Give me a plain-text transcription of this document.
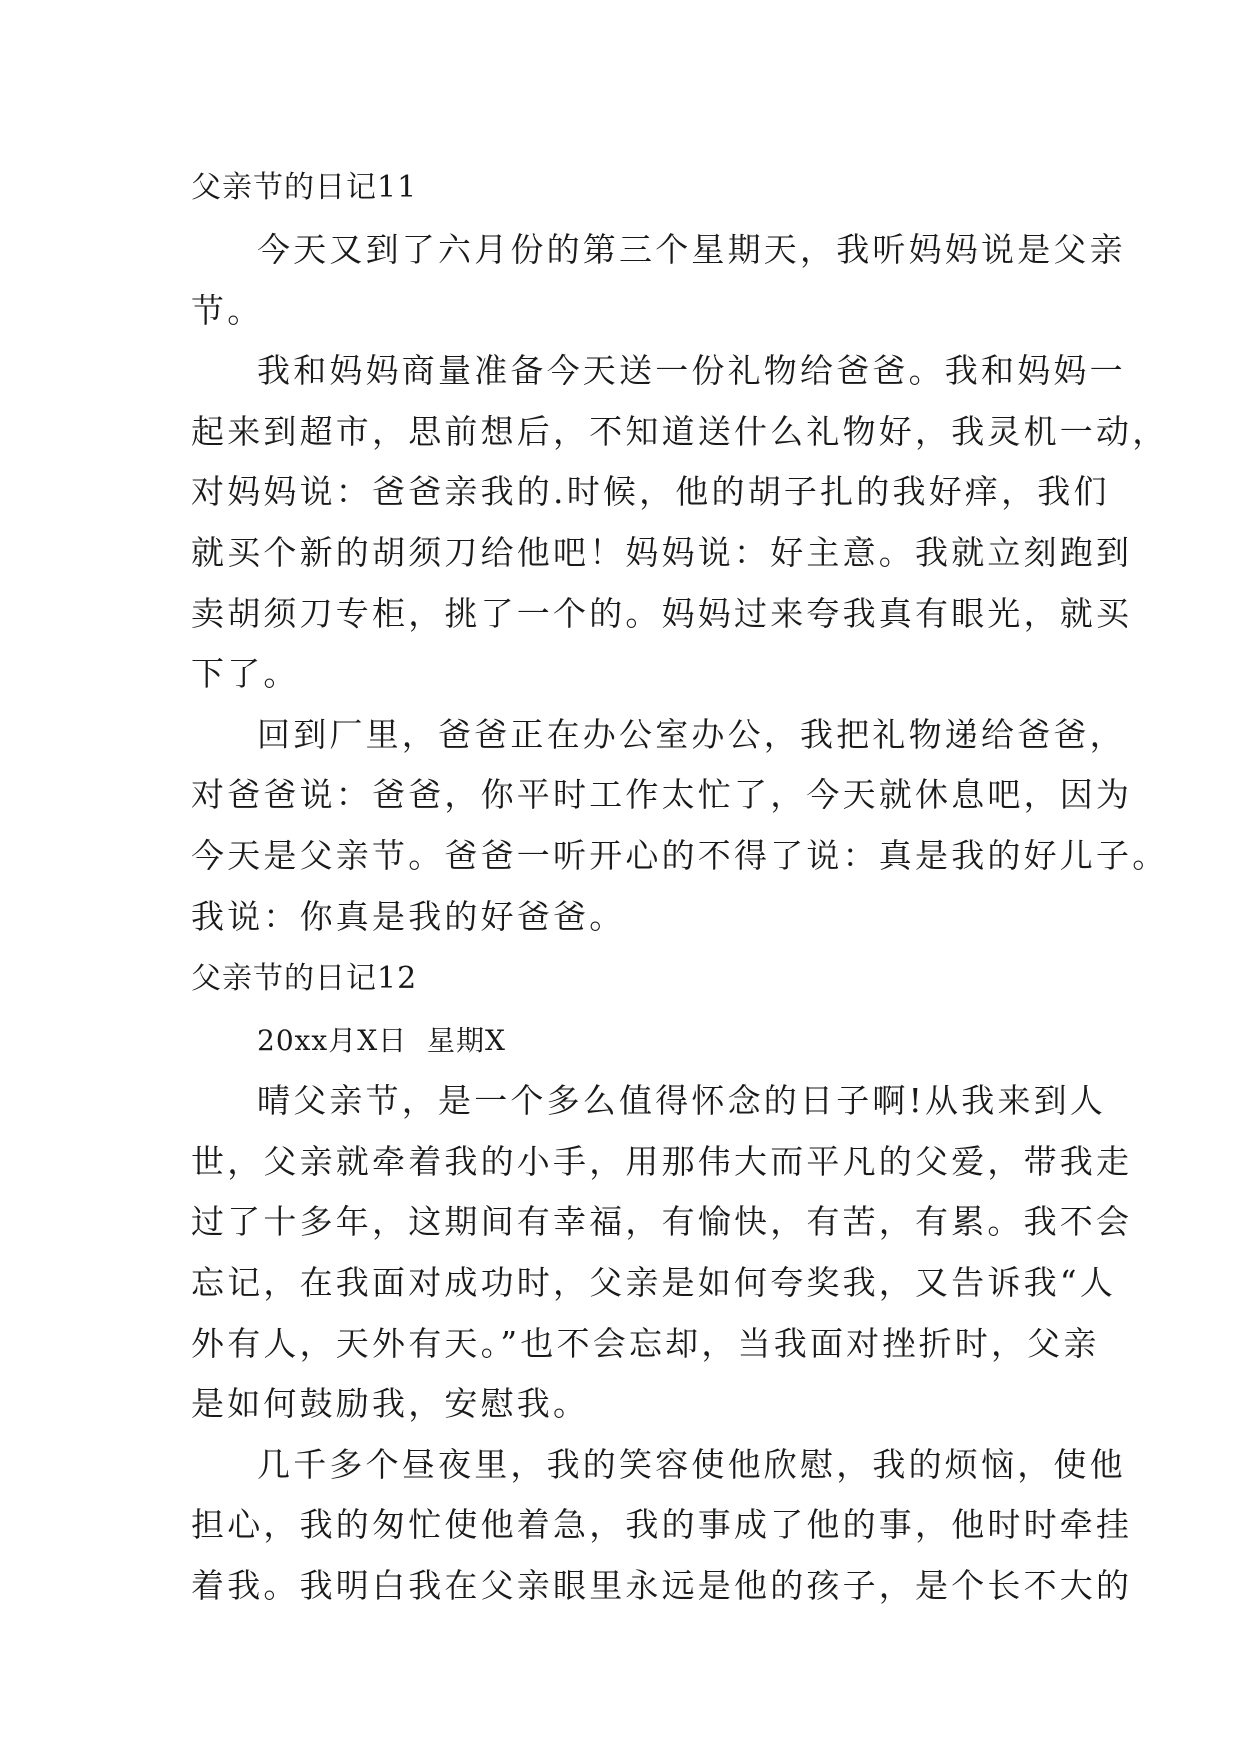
父亲节的日记11
今天又到了六月份的第三个星期天，我听妈妈说是父亲
节。
我和妈妈商量准备今天送一份礼物给爸爸。我和妈妈一
起来到超市，思前想后，不知道送什么礼物好，我灵机一动，
对妈妈说：爸爸亲我的.时候，他的胡子扎的我好痒，我们
就买个新的胡须刀给他吧！妈妈说：好主意。我就立刻跑到
卖胡须刀专柜，挑了一个的。妈妈过来夸我真有眼光，就买
下了。
回到厂里，爸爸正在办公室办公，我把礼物递给爸爸，
对爸爸说：爸爸，你平时工作太忙了，今天就休息吧，因为
今天是父亲节。爸爸一听开心的不得了说：真是我的好儿子。
我说：你真是我的好爸爸。
父亲节的日记12
20xx月X日  星期X
晴父亲节，是一个多么值得怀念的日子啊!从我来到人
世，父亲就牵着我的小手，用那伟大而平凡的父爱，带我走
过了十多年，这期间有幸福，有愉快，有苦，有累。我不会
忘记，在我面对成功时，父亲是如何夸奖我，又告诉我“人
外有人，天外有天。”也不会忘却，当我面对挫折时，父亲
是如何鼓励我，安慰我。
几千多个昼夜里，我的笑容使他欣慰，我的烦恼，使他
担心，我的匆忙使他着急，我的事成了他的事，他时时牵挂
着我。我明白我在父亲眼里永远是他的孩子，是个长不大的
